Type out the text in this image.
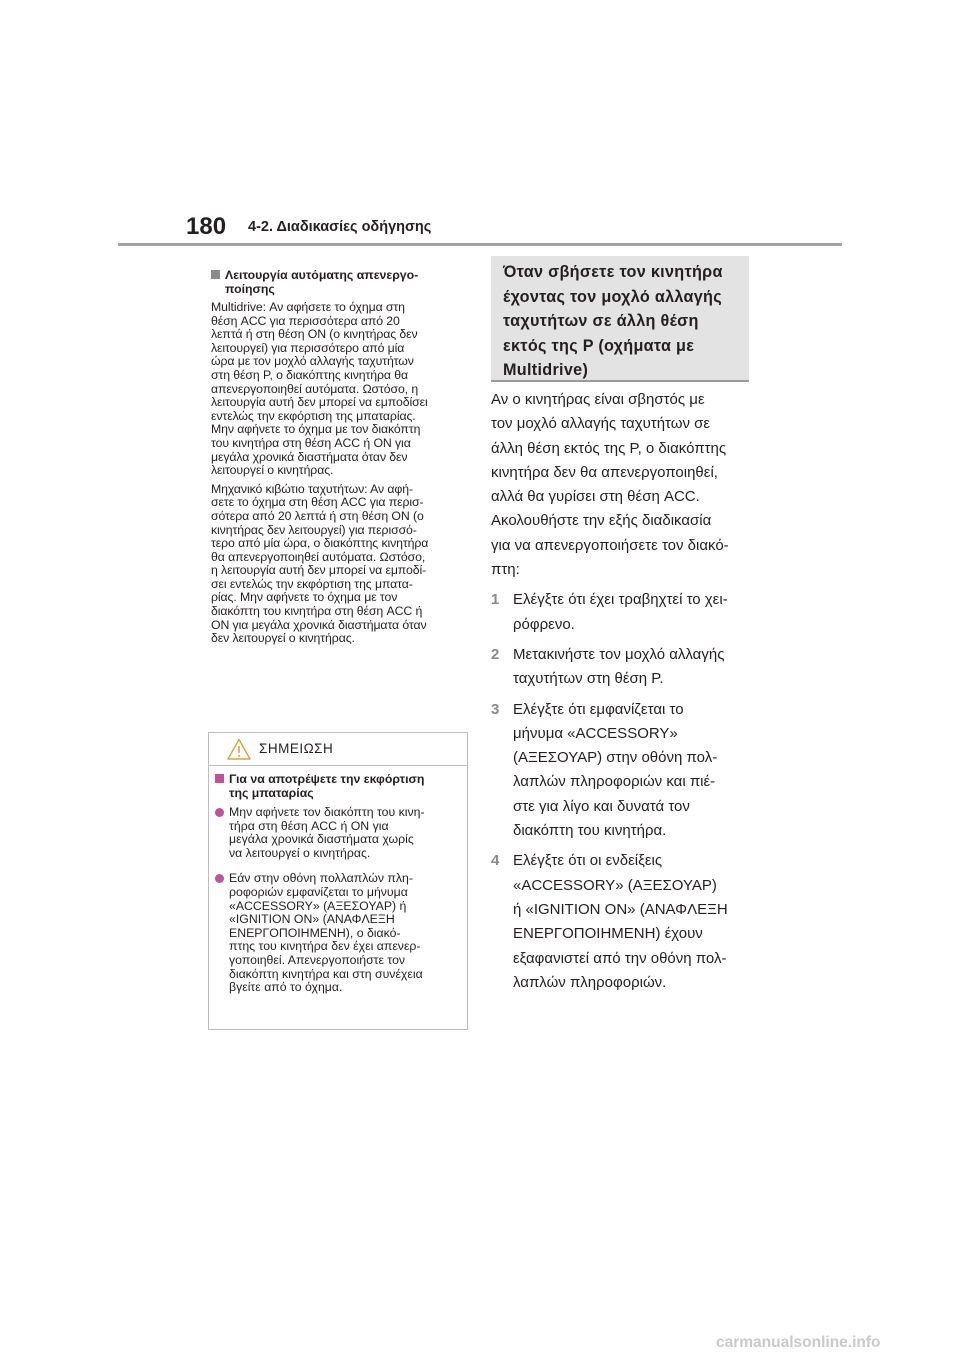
180 4-2. Διαδικασίες οδήγησης
Λειτουργία αυτόματης απενεργο-
ποίησης

Multidrive: Αν αφήσετε το όχημα στη
θέση ACC για περισσότερα από 20
λεπτά ή στη θέση ON (ο κινητήρας δεν
λειτουργεί) για περισσότερο από μία
ώρα με τον μοχλό αλλαγής ταχυτήτων
στη θέση P, ο διακόπτης κινητήρα θα
απενεργοποιηθεί αυτόματα. Ωστόσο, η
λειτουργία αυτή δεν μπορεί να εμποδίσει
εντελώς την εκφόρτιση της μπαταρίας.
Μην αφήνετε το όχημα με τον διακόπτη
του κινητήρα στη θέση ACC ή ON για
μεγάλα χρονικά διαστήματα όταν δεν
λειτουργεί ο κινητήρας.

Μηχανικό κιβώτιο ταχυτήτων: Αν αφή-
σετε το όχημα στη θέση ACC για περισ-
σότερα από 20 λεπτά ή στη θέση ON (ο
κινητήρας δεν λειτουργεί) για περισσό-
τερο από μία ώρα, ο διακόπτης κινητήρα
θα απενεργοποιηθεί αυτόματα. Ωστόσο,
η λειτουργία αυτή δεν μπορεί να εμποδί-
σει εντελώς την εκφόρτιση της μπατα-
ρίας. Μην αφήνετε το όχημα με τον
διακόπτη του κινητήρα στη θέση ACC ή
ON για μεγάλα χρονικά διαστήματα όταν
δεν λειτουργεί ο κινητήρας.

ΣΗΜΕΙΩΣΗ
Για να αποτρέψετε την εκφόρτιση
της μπαταρίας
Μην αφήνετε τον διακόπτη του κινη-
τήρα στη θέση ACC ή ON για
μεγάλα χρονικά διαστήματα χωρίς
να λειτουργεί ο κινητήρας.
Εάν στην οθόνη πολλαπλών πλη-
ροφοριών εμφανίζεται το μήνυμα
«ACCESSORY» (ΑΞΕΣΟΥΑΡ) ή
«IGNITION ON» (ΑΝΑΦΛΕΞΗ
ΕΝΕΡΓΟΠΟΙΗΜΕΝΗ), ο διακό-
πτης του κινητήρα δεν έχει απενερ-
γοποιηθεί. Απενεργοποιήστε τον
διακόπτη κινητήρα και στη συνέχεια
βγείτε από το όχημα.
Όταν σβήσετε τον κινητήρα
έχοντας τον μοχλό αλλαγής
ταχυτήτων σε άλλη θέση
εκτός της P (οχήματα με
Multidrive)

Αν ο κινητήρας είναι σβηστός με
τον μοχλό αλλαγής ταχυτήτων σε
άλλη θέση εκτός της P, ο διακόπτης
κινητήρα δεν θα απενεργοποιηθεί,
αλλά θα γυρίσει στη θέση ACC.
Ακολουθήστε την εξής διαδικασία
για να απενεργοποιήσετε τον διακό-
πτη:

1 Ελέγξτε ότι έχει τραβηχτεί το χει-
ρόφρενο.
2 Μετακινήστε τον μοχλό αλλαγής
ταχυτήτων στη θέση P.
3 Ελέγξτε ότι εμφανίζεται το
μήνυμα «ACCESSORY»
(ΑΞΕΣΟΥΑΡ) στην οθόνη πολ-
λαπλών πληροφοριών και πιέ-
στε για λίγο και δυνατά τον
διακόπτη του κινητήρα.
4 Ελέγξτε ότι οι ενδείξεις
«ACCESSORY» (ΑΞΕΣΟΥΑΡ)
ή «IGNITION ON» (ΑΝΑΦΛΕΞΗ
ΕΝΕΡΓΟΠΟΙΗΜΕΝΗ) έχουν
εξαφανιστεί από την οθόνη πολ-
λαπλών πληροφοριών.
carmanualsonline.info
